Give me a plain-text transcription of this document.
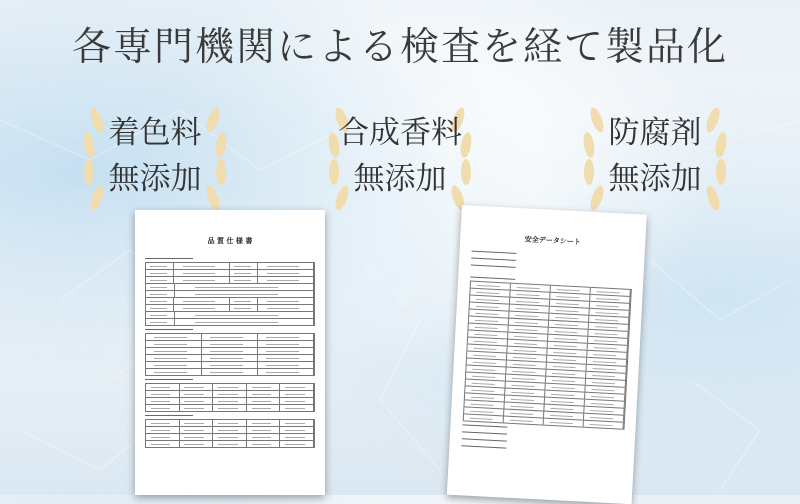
各専門機関による検査を経て製品化
着色料
無添加
合成香料
無添加
防腐剤
無添加
品 質 仕 様 書	安全データシート
